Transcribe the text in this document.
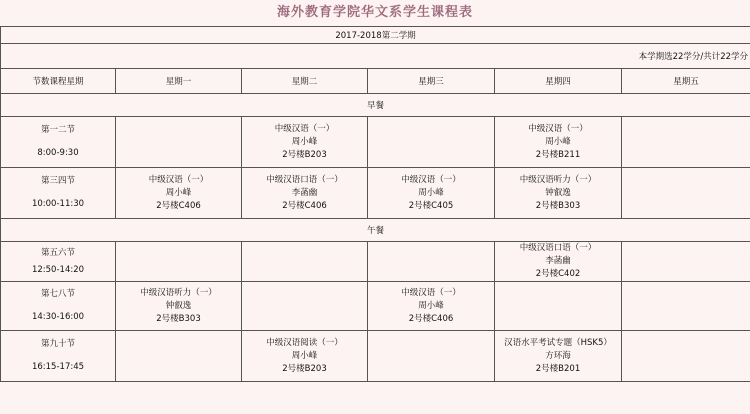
海外教育学院华文系学生课程表
2017-2018第二学期					
本学期选22学分/共计22学分					
节数课程星期	星期一	星期二	星期三	星期四	星期五
早餐					

第一二节
8:00-9:30		中级汉语（一）
周小峰
2号楼B203		中级汉语（一）
周小峰
2号楼B211	

第三四节
10:00-11:30	中级汉语（一）
周小峰
2号楼C406	中级汉语口语（一）
李菡幽
2号楼C406	中级汉语（一）
周小峰
2号楼C405	中级汉语听力（一）
钟叡逸
2号楼B303	

午餐					

第五六节
12:50-14:20				中级汉语口语（一）
李菡幽
2号楼C402	

第七八节
14:30-16:00	中级汉语听力（一）
钟叡逸
2号楼B303		中级汉语（一）
周小峰
2号楼C406		

第九十节
16:15-17:45		中级汉语阅读（一）
周小峰
2号楼B203		汉语水平考试专题（HSK5）
方环海
2号楼B201	
